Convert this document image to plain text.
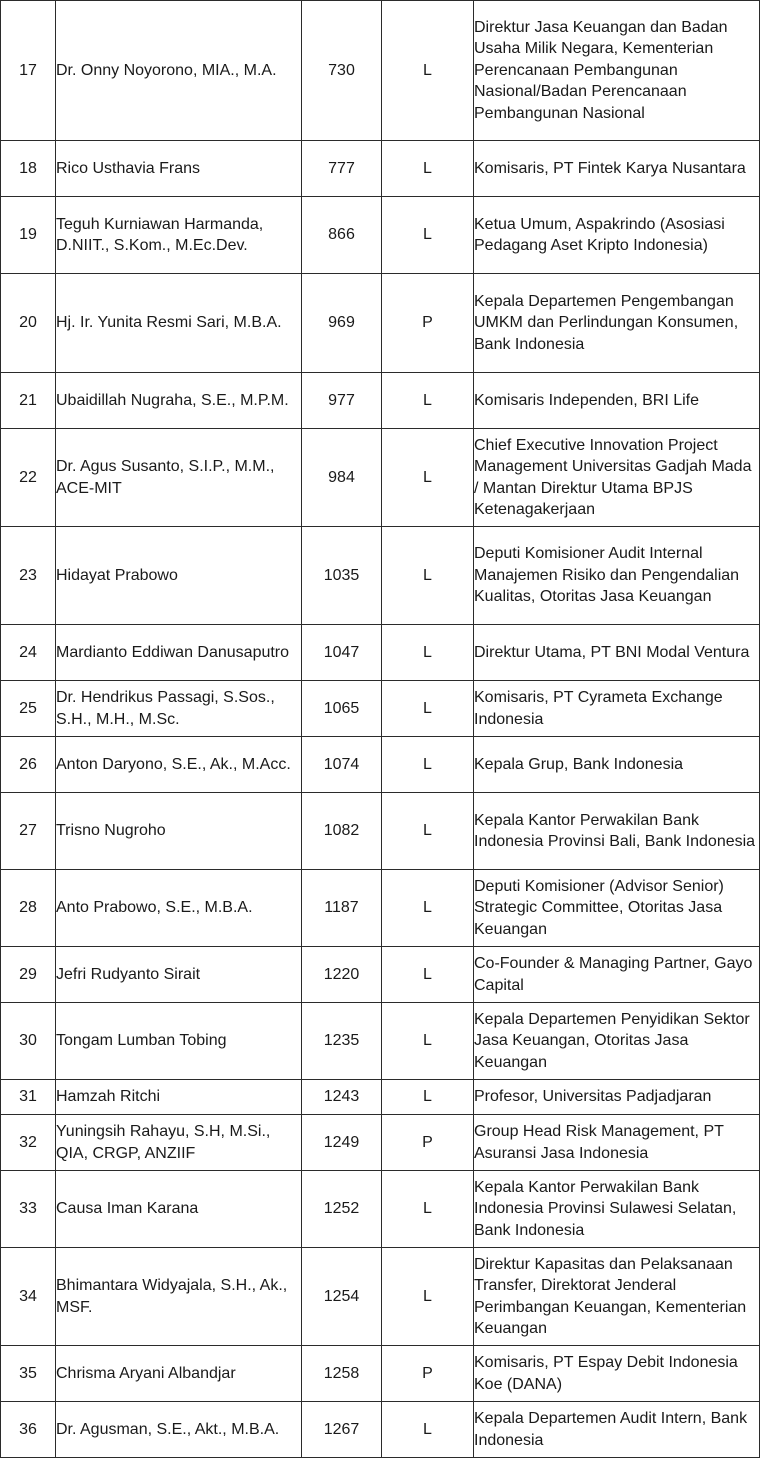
17	Dr. Onny Noyorono, MIA., M.A.	730	L	Direktur Jasa Keuangan dan Badan Usaha Milik Negara, Kementerian Perencanaan Pembangunan Nasional/Badan Perencanaan Pembangunan Nasional
18	Rico Usthavia Frans	777	L	Komisaris, PT Fintek Karya Nusantara
19	Teguh Kurniawan Harmanda, D.NIIT., S.Kom., M.Ec.Dev.	866	L	Ketua Umum, Aspakrindo (Asosiasi Pedagang Aset Kripto Indonesia)
20	Hj. Ir. Yunita Resmi Sari, M.B.A.	969	P	Kepala Departemen Pengembangan UMKM dan Perlindungan Konsumen, Bank Indonesia
21	Ubaidillah Nugraha, S.E., M.P.M.	977	L	Komisaris Independen, BRI Life
22	Dr. Agus Susanto, S.I.P., M.M., ACE-MIT	984	L	Chief Executive Innovation Project Management Universitas Gadjah Mada / Mantan Direktur Utama BPJS Ketenagakerjaan
23	Hidayat Prabowo	1035	L	Deputi Komisioner Audit Internal Manajemen Risiko dan Pengendalian Kualitas, Otoritas Jasa Keuangan
24	Mardianto Eddiwan Danusaputro	1047	L	Direktur Utama, PT BNI Modal Ventura
25	Dr. Hendrikus Passagi, S.Sos., S.H., M.H., M.Sc.	1065	L	Komisaris, PT Cyrameta Exchange Indonesia
26	Anton Daryono, S.E., Ak., M.Acc.	1074	L	Kepala Grup, Bank Indonesia
27	Trisno Nugroho	1082	L	Kepala Kantor Perwakilan Bank Indonesia Provinsi Bali, Bank Indonesia
28	Anto Prabowo, S.E., M.B.A.	1187	L	Deputi Komisioner (Advisor Senior) Strategic Committee, Otoritas Jasa Keuangan
29	Jefri Rudyanto Sirait	1220	L	Co-Founder & Managing Partner, Gayo Capital
30	Tongam Lumban Tobing	1235	L	Kepala Departemen Penyidikan Sektor Jasa Keuangan, Otoritas Jasa Keuangan
31	Hamzah Ritchi	1243	L	Profesor, Universitas Padjadjaran
32	Yuningsih Rahayu, S.H, M.Si., QIA, CRGP, ANZIIF	1249	P	Group Head Risk Management, PT Asuransi Jasa Indonesia
33	Causa Iman Karana	1252	L	Kepala Kantor Perwakilan Bank Indonesia Provinsi Sulawesi Selatan, Bank Indonesia
34	Bhimantara Widyajala, S.H., Ak., MSF.	1254	L	Direktur Kapasitas dan Pelaksanaan Transfer, Direktorat Jenderal Perimbangan Keuangan, Kementerian Keuangan
35	Chrisma Aryani Albandjar	1258	P	Komisaris, PT Espay Debit Indonesia Koe (DANA)
36	Dr. Agusman, S.E., Akt., M.B.A.	1267	L	Kepala Departemen Audit Intern, Bank Indonesia
